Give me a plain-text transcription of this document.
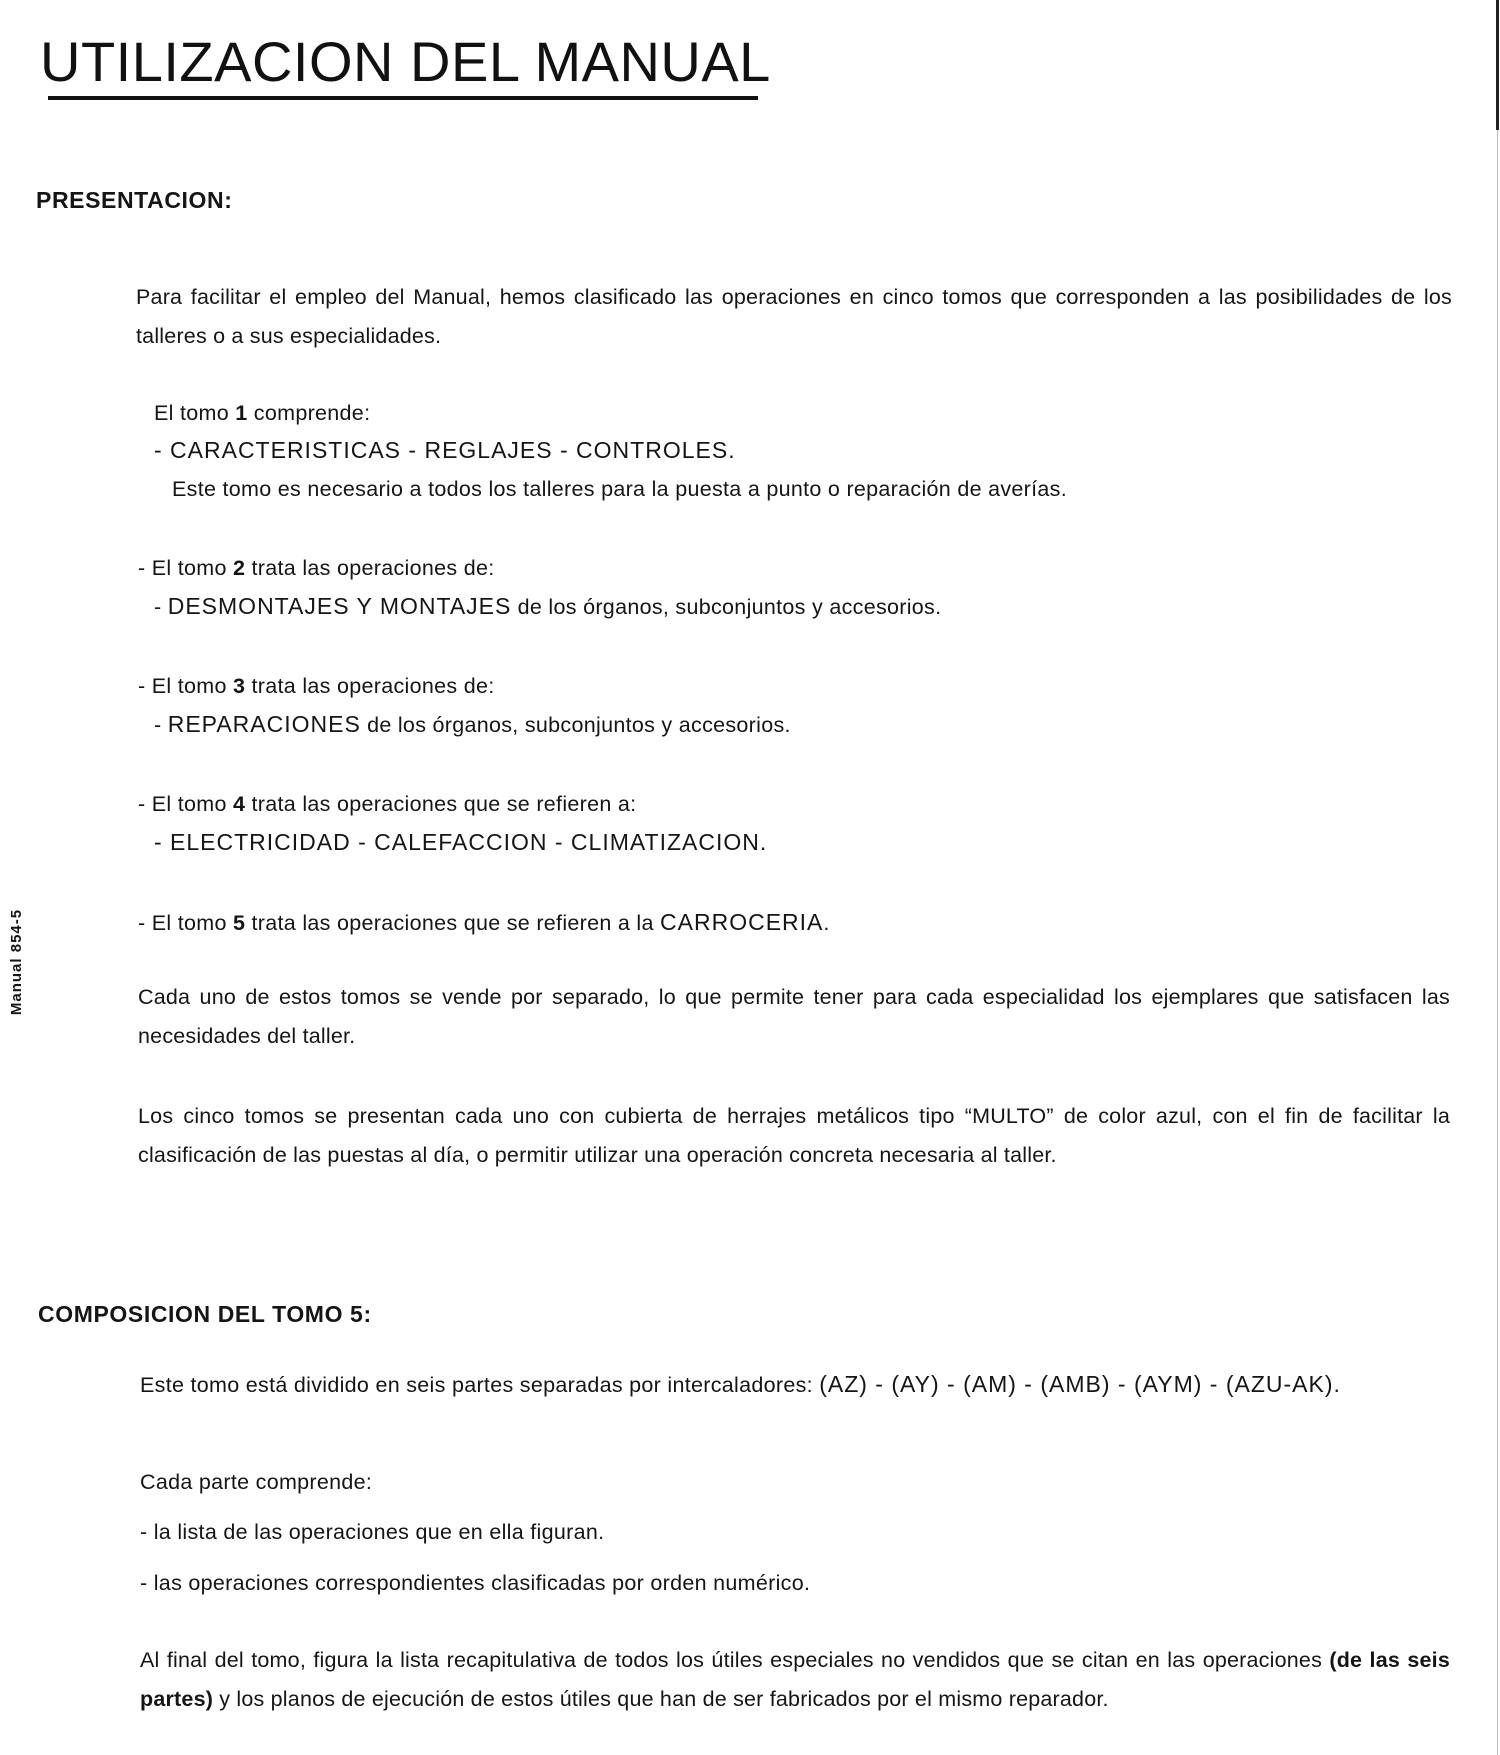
UTILIZACION DEL MANUAL
PRESENTACION:

Para facilitar el empleo del Manual, hemos clasificado las operaciones en cinco tomos que corresponden a las posibilidades de los talleres o a sus especialidades.

El tomo 1 comprende:
- CARACTERISTICAS - REGLAJES - CONTROLES.
Este tomo es necesario a todos los talleres para la puesta a punto o reparación de averías.
- El tomo 2 trata las operaciones de:
- DESMONTAJES Y MONTAJES de los órganos, subconjuntos y accesorios.
- El tomo 3 trata las operaciones de:
- REPARACIONES de los órganos, subconjuntos y accesorios.
- El tomo 4 trata las operaciones que se refieren a:
- ELECTRICIDAD - CALEFACCION - CLIMATIZACION.
- El tomo 5 trata las operaciones que se refieren a la CARROCERIA.

Cada uno de estos tomos se vende por separado, lo que permite tener para cada especialidad los ejemplares que satisfacen las necesidades del taller.

Los cinco tomos se presentan cada uno con cubierta de herrajes metálicos tipo “MULTO” de color azul, con el fin de facilitar la clasificación de las puestas al día, o permitir utilizar una operación concreta necesaria al taller.

COMPOSICION DEL TOMO 5:
Este tomo está dividido en seis partes separadas por intercaladores: (AZ) - (AY) - (AM) - (AMB) - (AYM) - (AZU-AK).
Cada parte comprende:
- la lista de las operaciones que en ella figuran.
- las operaciones correspondientes clasificadas por orden numérico.

Al final del tomo, figura la lista recapitulativa de todos los útiles especiales no vendidos que se citan en las operaciones (de las seis partes) y los planos de ejecución de estos útiles que han de ser fabricados por el mismo reparador.

Manual 854-5
